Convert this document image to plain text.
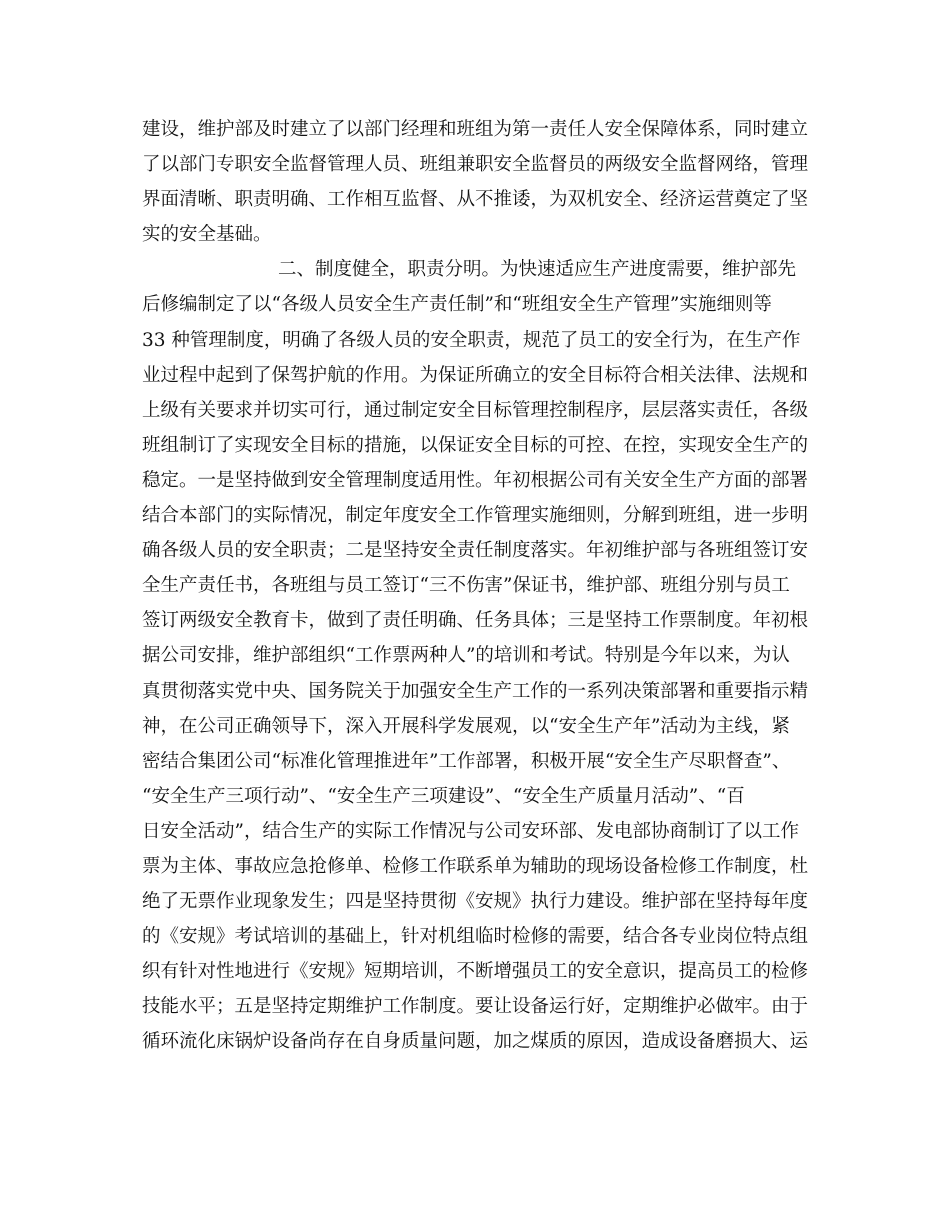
建设，维护部及时建立了以部门经理和班组为第一责任人安全保障体系，同时建立
了以部门专职安全监督管理人员、班组兼职安全监督员的两级安全监督网络，管理
界面清晰、职责明确、工作相互监督、从不推诿，为双机安全、经济运营奠定了坚
实的安全基础。
二、制度健全，职责分明。为快速适应生产进度需要，维护部先
后修编制定了以“各级人员安全生产责任制”和“班组安全生产管理”实施细则等
33 种管理制度，明确了各级人员的安全职责，规范了员工的安全行为，在生产作
业过程中起到了保驾护航的作用。为保证所确立的安全目标符合相关法律、法规和
上级有关要求并切实可行，通过制定安全目标管理控制程序，层层落实责任，各级
班组制订了实现安全目标的措施，以保证安全目标的可控、在控，实现安全生产的
稳定。一是坚持做到安全管理制度适用性。年初根据公司有关安全生产方面的部署
结合本部门的实际情况，制定年度安全工作管理实施细则，分解到班组，进一步明
确各级人员的安全职责；二是坚持安全责任制度落实。年初维护部与各班组签订安
全生产责任书，各班组与员工签订“三不伤害”保证书，维护部、班组分别与员工
签订两级安全教育卡，做到了责任明确、任务具体；三是坚持工作票制度。年初根
据公司安排，维护部组织“工作票两种人”的培训和考试。特别是今年以来，为认
真贯彻落实党中央、国务院关于加强安全生产工作的一系列决策部署和重要指示精
神，在公司正确领导下，深入开展科学发展观，以“安全生产年”活动为主线，紧
密结合集团公司“标准化管理推进年”工作部署，积极开展“安全生产尽职督查”、
“安全生产三项行动”、“安全生产三项建设”、“安全生产质量月活动”、“百
日安全活动”，结合生产的实际工作情况与公司安环部、发电部协商制订了以工作
票为主体、事故应急抢修单、检修工作联系单为辅助的现场设备检修工作制度，杜
绝了无票作业现象发生；四是坚持贯彻《安规》执行力建设。维护部在坚持每年度
的《安规》考试培训的基础上，针对机组临时检修的需要，结合各专业岗位特点组
织有针对性地进行《安规》短期培训，不断增强员工的安全意识，提高员工的检修
技能水平；五是坚持定期维护工作制度。要让设备运行好，定期维护必做牢。由于
循环流化床锅炉设备尚存在自身质量问题，加之煤质的原因，造成设备磨损大、运
